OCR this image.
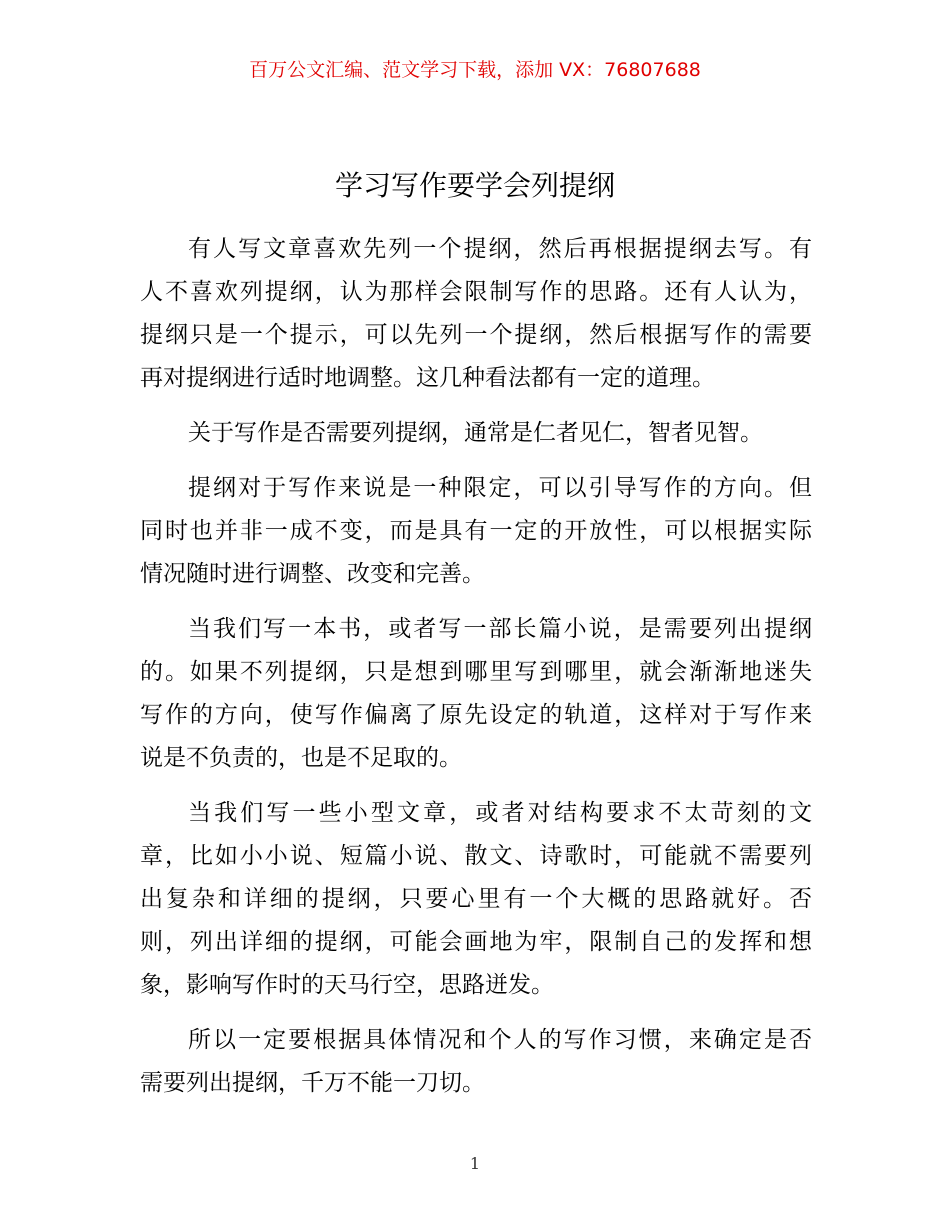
百万公文汇编、范文学习下载，添加 VX：76807688
学习写作要学会列提纲

有人写文章喜欢先列一个提纲，然后再根据提纲去写。有
人不喜欢列提纲，认为那样会限制写作的思路。还有人认为，
提纲只是一个提示，可以先列一个提纲，然后根据写作的需要
再对提纲进行适时地调整。这几种看法都有一定的道理。

关于写作是否需要列提纲，通常是仁者见仁，智者见智。

提纲对于写作来说是一种限定，可以引导写作的方向。但
同时也并非一成不变，而是具有一定的开放性，可以根据实际
情况随时进行调整、改变和完善。

当我们写一本书，或者写一部长篇小说，是需要列出提纲
的。如果不列提纲，只是想到哪里写到哪里，就会渐渐地迷失
写作的方向，使写作偏离了原先设定的轨道，这样对于写作来
说是不负责的，也是不足取的。

当我们写一些小型文章，或者对结构要求不太苛刻的文
章，比如小小说、短篇小说、散文、诗歌时，可能就不需要列
出复杂和详细的提纲，只要心里有一个大概的思路就好。否
则，列出详细的提纲，可能会画地为牢，限制自己的发挥和想
象，影响写作时的天马行空，思路迸发。

所以一定要根据具体情况和个人的写作习惯，来确定是否
需要列出提纲，千万不能一刀切。

1
